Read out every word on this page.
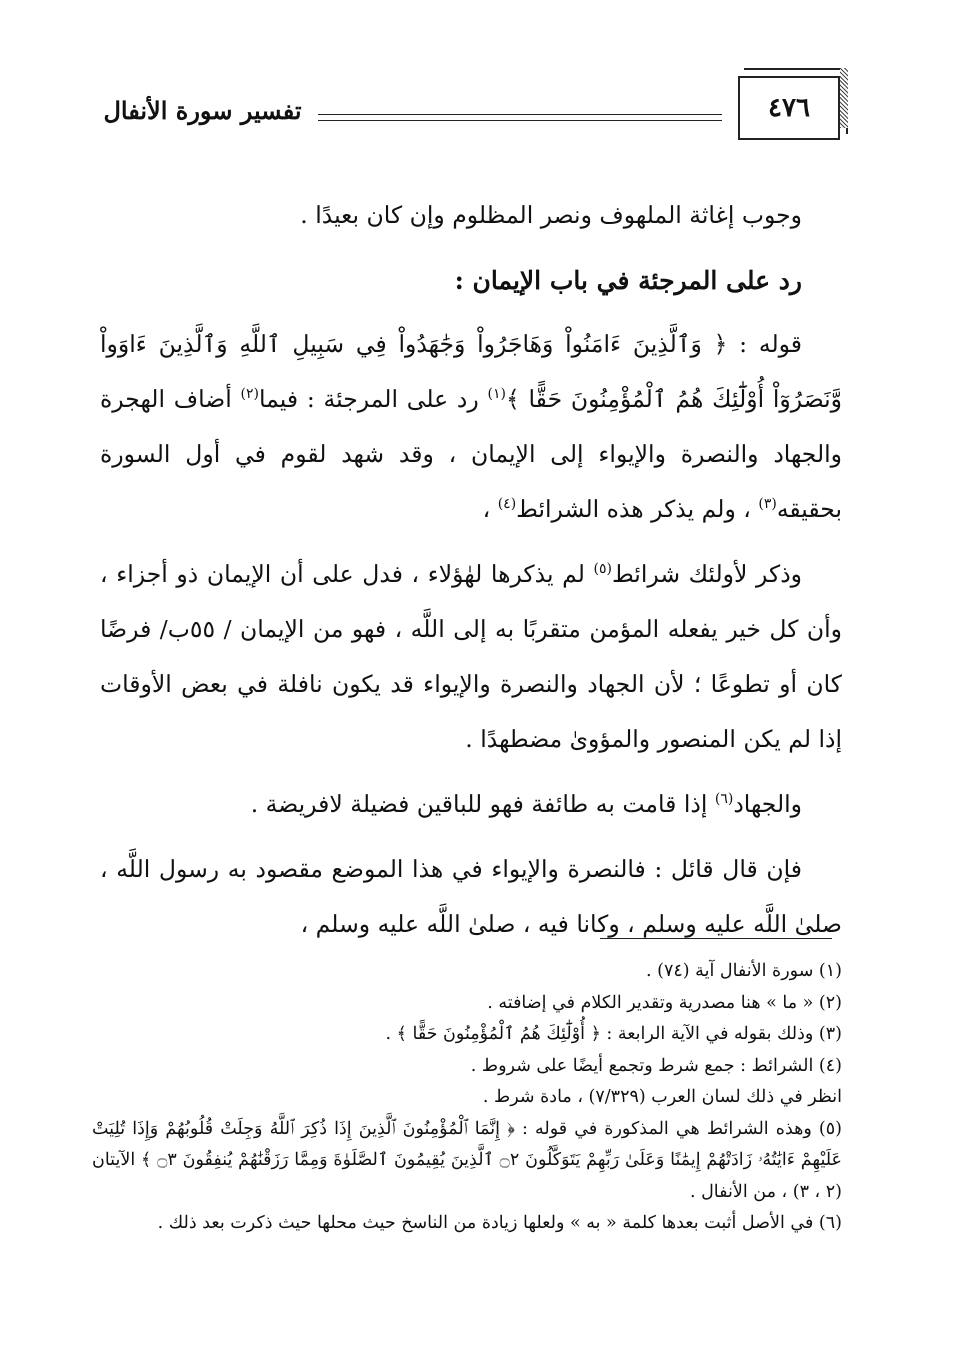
تفسير سورة الأنفال	٤٧٦

وجوب إغاثة الملهوف ونصر المظلوم وإن كان بعيدًا .

رد على المرجئة في باب الإيمان :

قوله : ﴿ وَٱلَّذِينَ ءَامَنُواْ وَهَاجَرُواْ وَجَٰهَدُواْ فِي سَبِيلِ ٱللَّهِ وَٱلَّذِينَ ءَاوَواْ وَّنَصَرُوٓاْ أُوْلَٰٓئِكَ هُمُ ٱلْمُؤْمِنُونَ حَقًّا ﴾$^{(١)}$ رد على المرجئة : فيما$^{(٢)}$ أضاف الهجرة والجهاد والنصرة والإيواء إلى الإيمان ، وقد شهد لقوم في أول السورة بحقيقه$^{(٣)}$ ، ولم يذكر هذه الشرائط$^{(٤)}$ ،

وذكر لأولئك شرائط$^{(٥)}$ لم يذكرها لهٰؤلاء ، فدل على أن الإيمان ذو أجزاء ، وأن كل خير يفعله المؤمن متقربًا به إلى اللَّه ، فهو من الإيمان / ٥٥ب/ فرضًا كان أو تطوعًا ؛ لأن الجهاد والنصرة والإيواء قد يكون نافلة في بعض الأوقات إذا لم يكن المنصور والمؤوىٰ مضطهدًا .

والجهاد$^{(٦)}$ إذا قامت به طائفة فهو للباقين فضيلة لافريضة .

فإن قال قائل : فالنصرة والإيواء في هذا الموضع مقصود به رسول اللَّه ، صلىٰ اللَّه عليه وسلم ، وكانا فيه ، صلىٰ اللَّه عليه وسلم ،

(١) سورة الأنفال آية (٧٤) .

(٢) « ما » هنا مصدرية وتقدير الكلام في إضافته .

(٣) وذلك بقوله في الآية الرابعة : ﴿ أُوْلَٰٓئِكَ هُمُ ٱلْمُؤْمِنُونَ حَقًّا ﴾ .

(٤) الشرائط : جمع شرط وتجمع أيضًا على شروط .

انظر في ذلك لسان العرب (٧/٣٢٩) ، مادة شرط .

(٥) وهذه الشرائط هي المذكورة في قوله : ﴿ إِنَّمَا ٱلْمُؤْمِنُونَ ٱلَّذِينَ إِذَا ذُكِرَ ٱللَّهُ وَجِلَتْ قُلُوبُهُمْ وَإِذَا تُلِيَتْ عَلَيْهِمْ ءَايَٰتُهُۥ زَادَتْهُمْ إِيمَٰنًا وَعَلَىٰ رَبِّهِمْ يَتَوَكَّلُونَ ۝٢ ٱلَّذِينَ يُقِيمُونَ ٱلصَّلَوٰةَ وَمِمَّا رَزَقْنَٰهُمْ يُنفِقُونَ ۝٣ ﴾ الآيتان (٢ ، ٣) ، من الأنفال .

(٦) في الأصل أثبت بعدها كلمة « به » ولعلها زيادة من الناسخ حيث محلها حيث ذكرت بعد ذلك .
